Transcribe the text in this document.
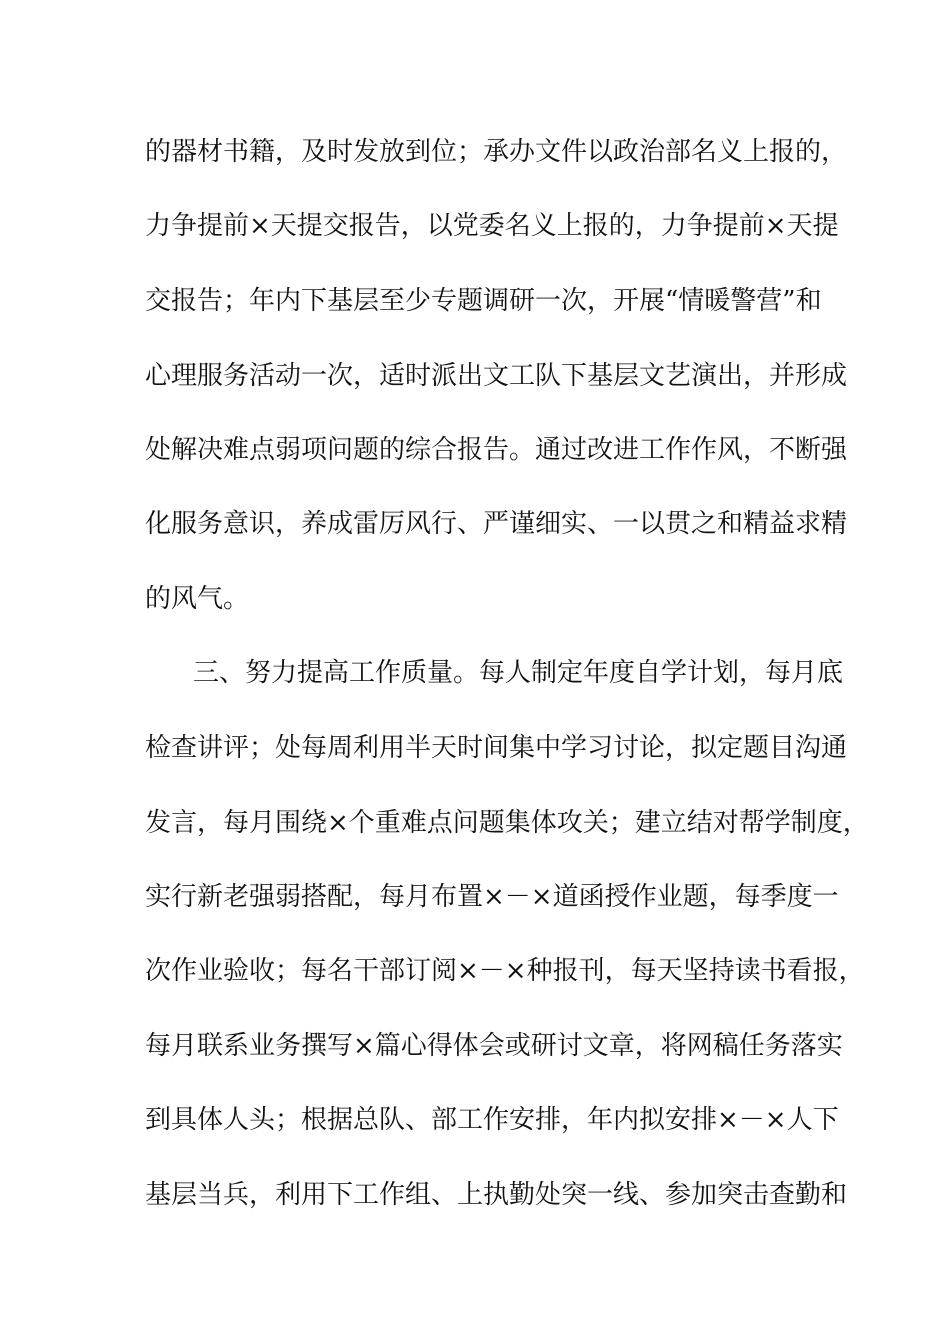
的器材书籍，及时发放到位；承办文件以政治部名义上报的，
力争提前×天提交报告，以党委名义上报的，力争提前×天提
交报告；年内下基层至少专题调研一次，开展“情暖警营”和
心理服务活动一次，适时派出文工队下基层文艺演出，并形成
处解决难点弱项问题的综合报告。通过改进工作作风，不断强
化服务意识，养成雷厉风行、严谨细实、一以贯之和精益求精
的风气。
三、努力提高工作质量。每人制定年度自学计划，每月底
检查讲评；处每周利用半天时间集中学习讨论，拟定题目沟通
发言，每月围绕×个重难点问题集体攻关；建立结对帮学制度，
实行新老强弱搭配，每月布置×－×道函授作业题，每季度一
次作业验收；每名干部订阅×－×种报刊，每天坚持读书看报，
每月联系业务撰写×篇心得体会或研讨文章，将网稿任务落实
到具体人头；根据总队、部工作安排，年内拟安排×－×人下
基层当兵，利用下工作组、上执勤处突一线、参加突击查勤和
